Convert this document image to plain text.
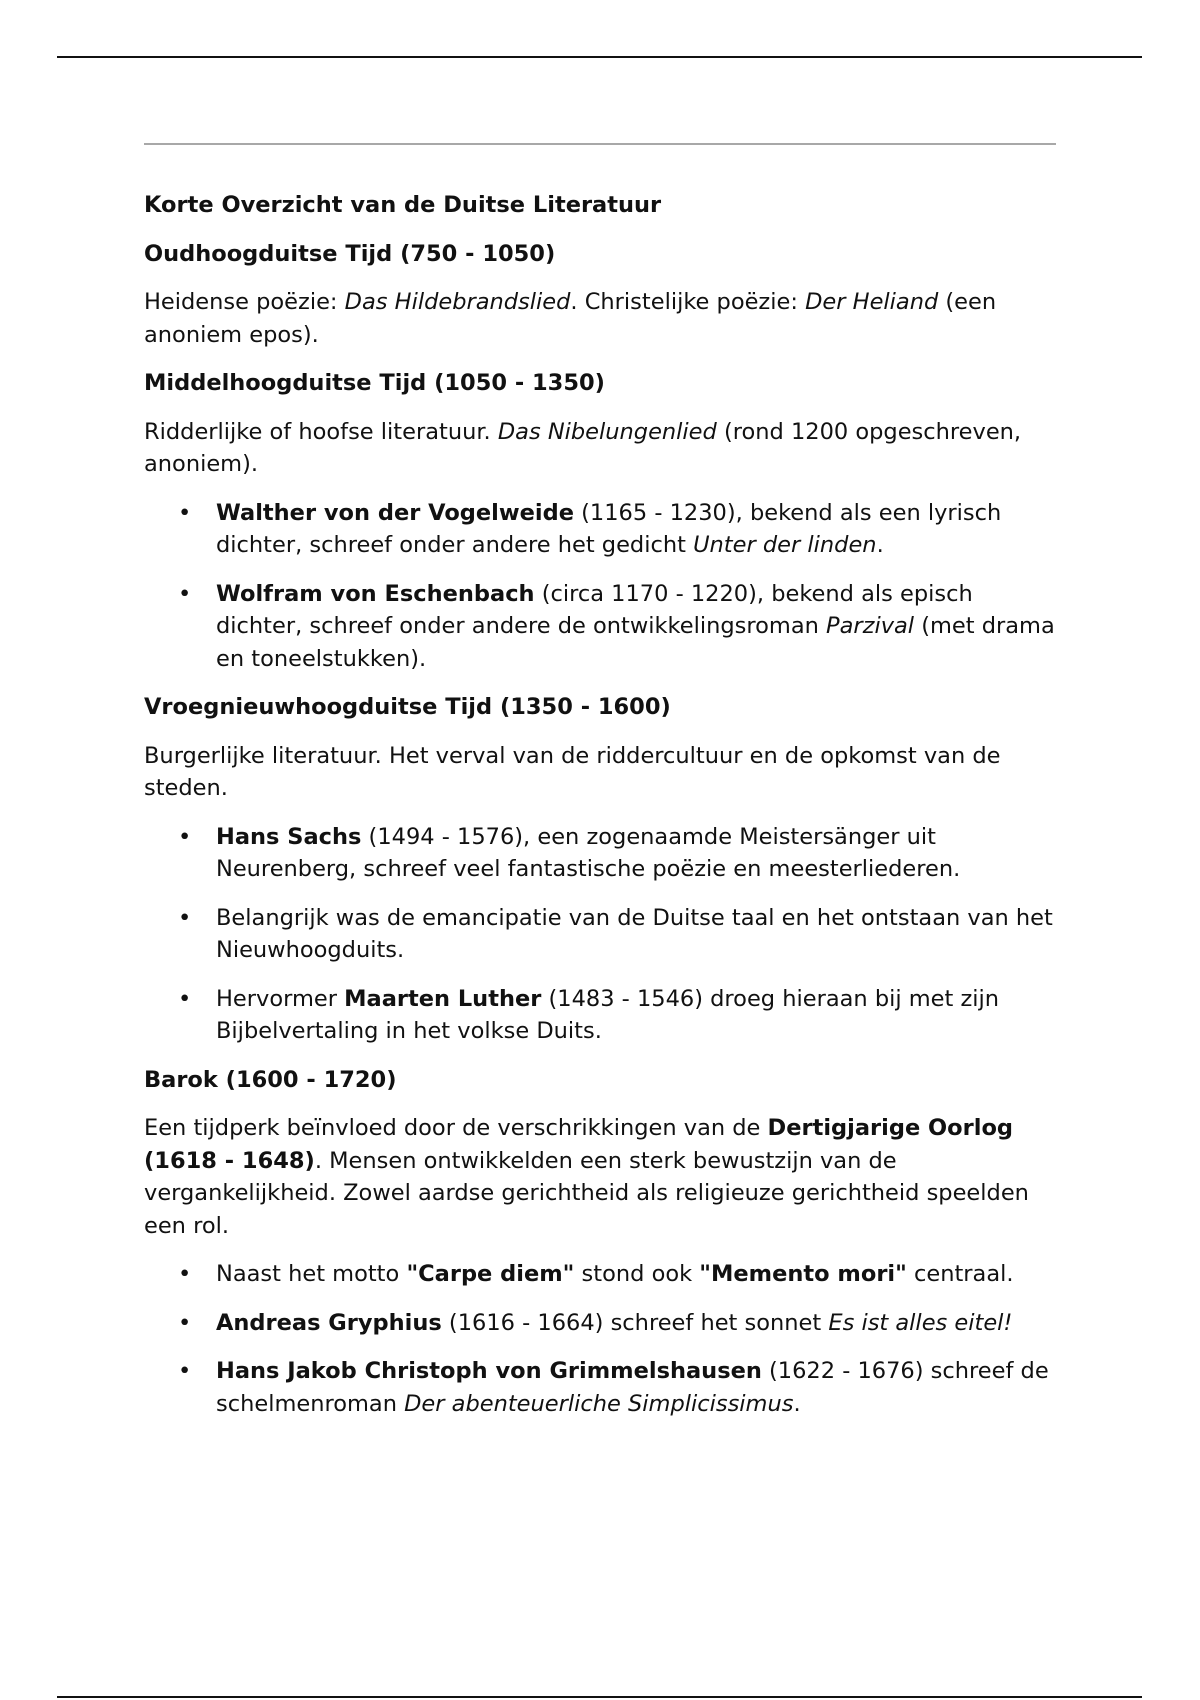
Korte Overzicht van de Duitse Literatuur
Oudhoogduitse Tijd (750 - 1050)
Heidense poëzie: Das Hildebrandslied. Christelijke poëzie: Der Heliand (een anoniem epos).
Middelhoogduitse Tijd (1050 - 1350)
Ridderlijke of hoofse literatuur. Das Nibelungenlied (rond 1200 opgeschreven, anoniem).
• Walther von der Vogelweide (1165 - 1230), bekend als een lyrisch dichter, schreef onder andere het gedicht Unter der linden.
• Wolfram von Eschenbach (circa 1170 - 1220), bekend als episch dichter, schreef onder andere de ontwikkelingsroman Parzival (met drama en toneelstukken).
Vroegnieuwhoogduitse Tijd (1350 - 1600)
Burgerlijke literatuur. Het verval van de riddercultuur en de opkomst van de steden.
• Hans Sachs (1494 - 1576), een zogenaamde Meistersänger uit Neurenberg, schreef veel fantastische poëzie en meesterliederen.
• Belangrijk was de emancipatie van de Duitse taal en het ontstaan van het Nieuwhoogduits.
• Hervormer Maarten Luther (1483 - 1546) droeg hieraan bij met zijn Bijbelvertaling in het volkse Duits.
Barok (1600 - 1720)
Een tijdperk beïnvloed door de verschrikkingen van de Dertigjarige Oorlog (1618 - 1648). Mensen ontwikkelden een sterk bewustzijn van de vergankelijkheid. Zowel aardse gerichtheid als religieuze gerichtheid speelden een rol.
• Naast het motto "Carpe diem" stond ook "Memento mori" centraal.
• Andreas Gryphius (1616 - 1664) schreef het sonnet Es ist alles eitel!
• Hans Jakob Christoph von Grimmelshausen (1622 - 1676) schreef de schelmenroman Der abenteuerliche Simplicissimus.
